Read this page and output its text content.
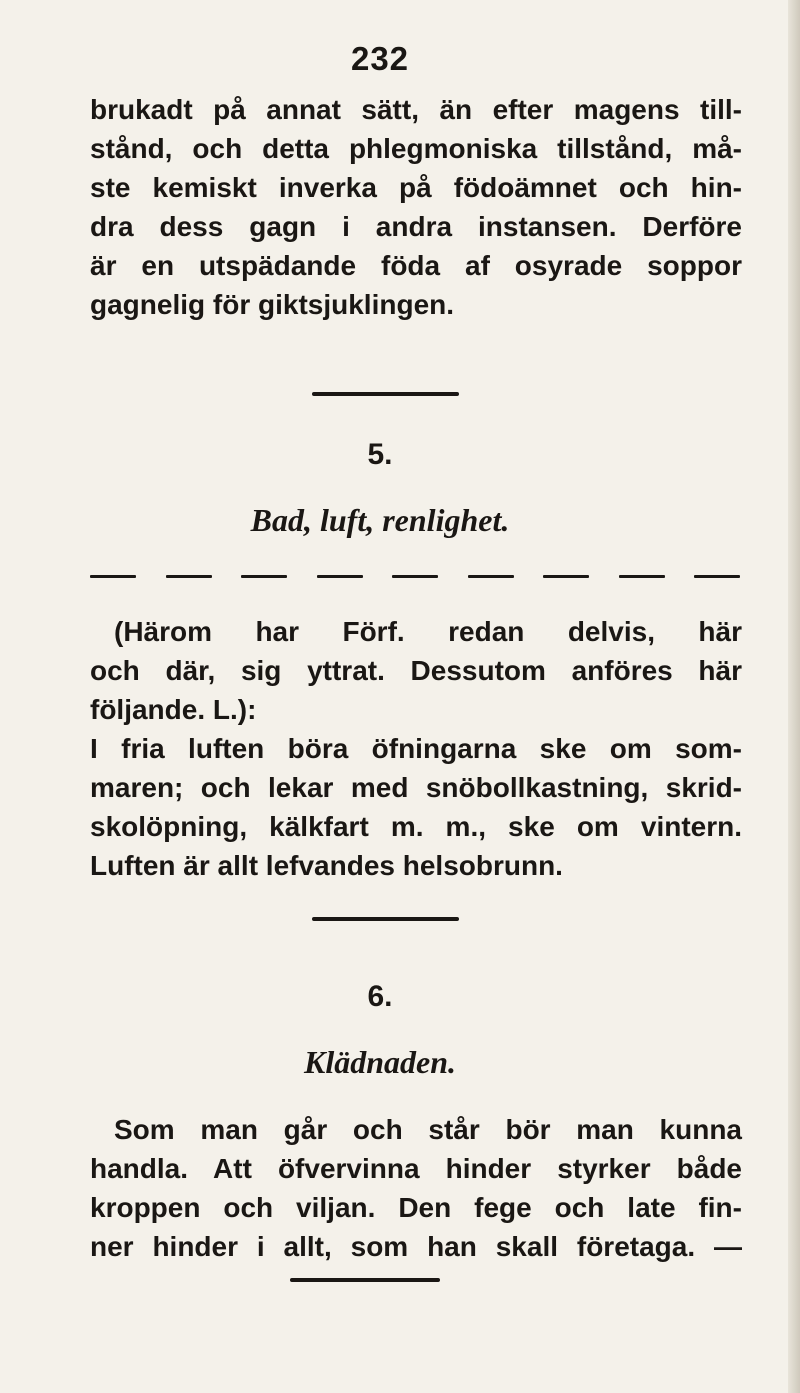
232
brukadt på annat sätt, än efter magens till-
stånd, och detta phlegmoniska tillstånd, må-
ste kemiskt inverka på födoämnet och hin-
dra dess gagn i andra instansen. Derföre
är en utspädande föda af osyrade soppor
gagnelig för giktsjuklingen.
5.
Bad, luft, renlighet.
(Härom har Förf. redan delvis, här
och där, sig yttrat. Dessutom anföres här
följande. L.):
I fria luften böra öfningarna ske om som-
maren; och lekar med snöbollkastning, skrid-
skolöpning, kälkfart m. m., ske om vintern.
Luften är allt lefvandes helsobrunn.
6.
Klädnaden.
Som man går och står bör man kunna
handla. Att öfvervinna hinder styrker både
kroppen och viljan. Den fege och late fin-
ner hinder i allt, som han skall företaga. —
